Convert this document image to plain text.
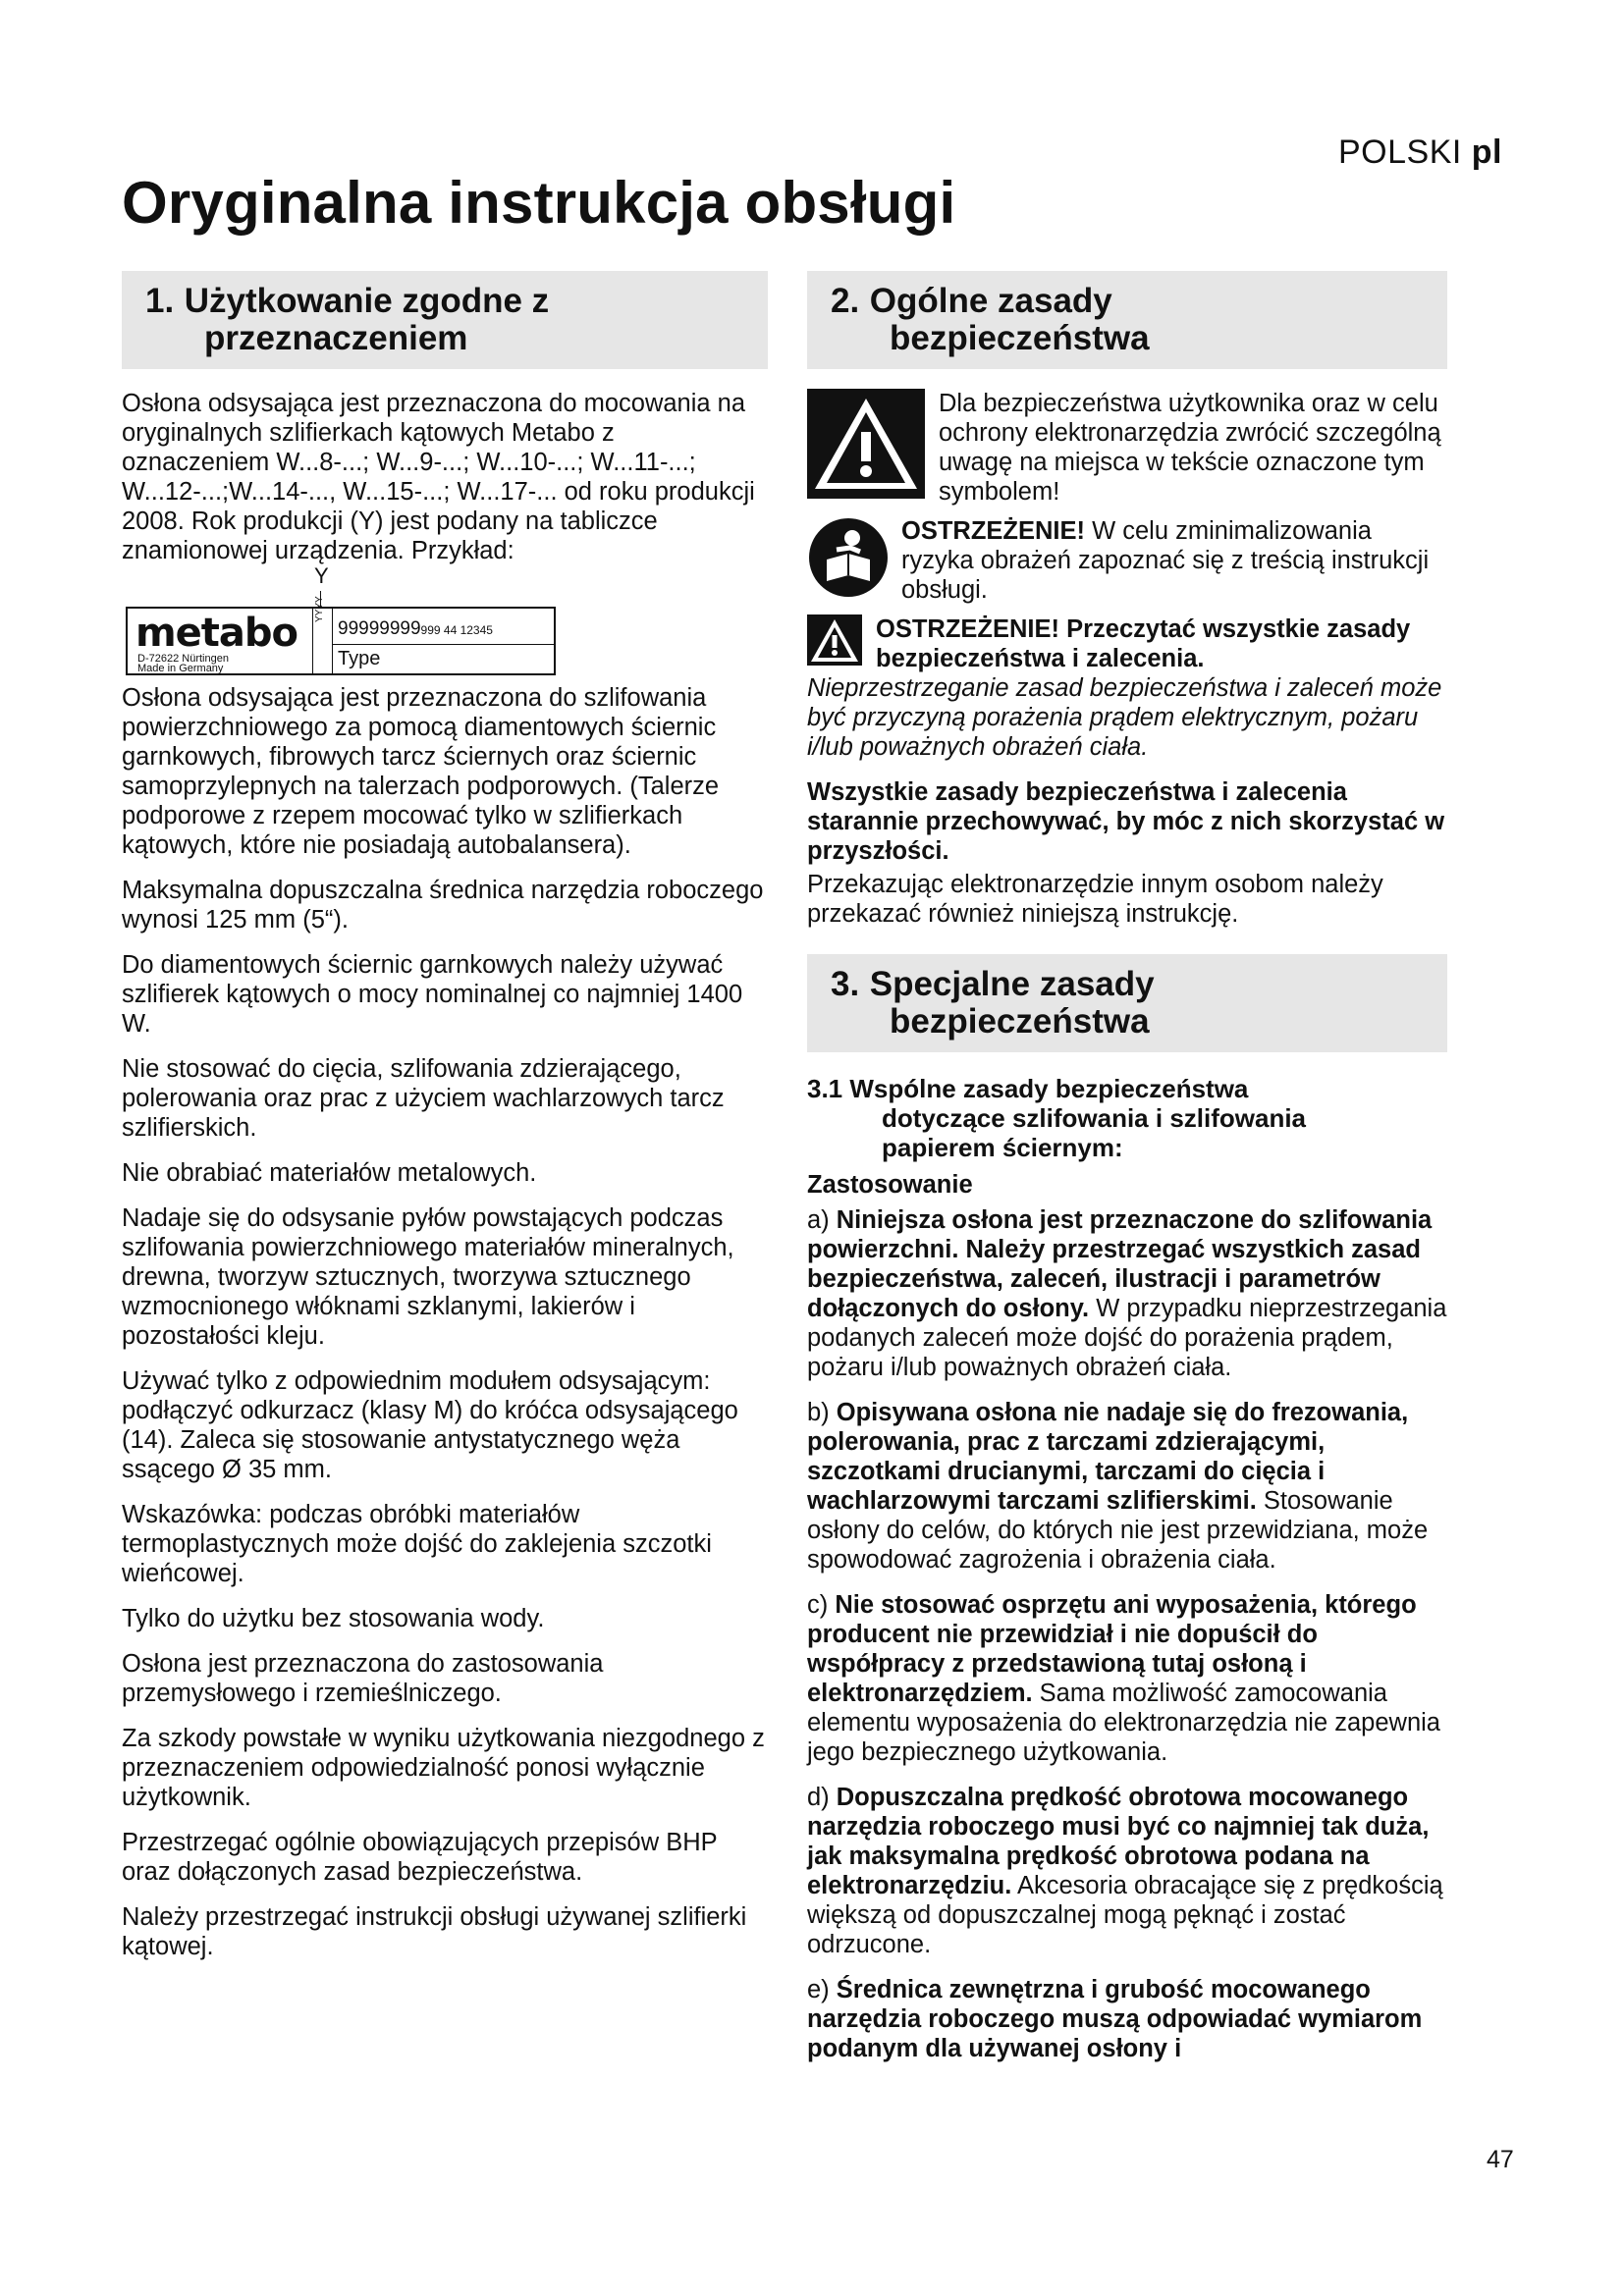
POLSKI pl
Oryginalna instrukcja obsługi
1. Użytkowanie zgodne z
przeznaczeniem

Osłona odsysająca jest przeznaczona do mocowania na oryginalnych szlifierkach kątowych Metabo z oznaczeniem W...8-...; W...9-...; W...10-...; W...11-...; W...12-...;W...14-..., W...15-...; W...17-... od roku produkcji 2008. Rok produkcji (Y) jest podany na tabliczce znamionowej urządzenia. Przykład:

Y
metabo
D-72622 Nürtingen
Made in Germany
YYYY
99999999999 44 12345
Type

Osłona odsysająca jest przeznaczona do szlifowania powierzchniowego za pomocą diamentowych ściernic garnkowych, fibrowych tarcz ściernych oraz ściernic samoprzylepnych na talerzach podporowych. (Talerze podporowe z rzepem mocować tylko w szlifierkach kątowych, które nie posiadają autobalansera).

Maksymalna dopuszczalna średnica narzędzia roboczego wynosi 125 mm (5“).

Do diamentowych ściernic garnkowych należy używać szlifierek kątowych o mocy nominalnej co najmniej 1400 W.

Nie stosować do cięcia, szlifowania zdzierającego, polerowania oraz prac z użyciem wachlarzowych tarcz szlifierskich.

Nie obrabiać materiałów metalowych.

Nadaje się do odsysanie pyłów powstających podczas szlifowania powierzchniowego materiałów mineralnych, drewna, tworzyw sztucznych, tworzywa sztucznego wzmocnionego włóknami szklanymi, lakierów i pozostałości kleju.

Używać tylko z odpowiednim modułem odsysającym: podłączyć odkurzacz (klasy M) do króćca odsysającego (14). Zaleca się stosowanie antystatycznego węża ssącego Ø 35 mm.

Wskazówka: podczas obróbki materiałów termoplastycznych może dojść do zaklejenia szczotki wieńcowej.

Tylko do użytku bez stosowania wody.

Osłona jest przeznaczona do zastosowania przemysłowego i rzemieślniczego.

Za szkody powstałe w wyniku użytkowania niezgodnego z przeznaczeniem odpowiedzialność ponosi wyłącznie użytkownik.

Przestrzegać ogólnie obowiązujących przepisów BHP oraz dołączonych zasad bezpieczeństwa.

Należy przestrzegać instrukcji obsługi używanej szlifierki kątowej.

2. Ogólne zasady
bezpieczeństwa
Dla bezpieczeństwa użytkownika oraz w celu ochrony elektronarzędzia zwrócić szczególną uwagę na miejsca w tekście oznaczone tym symbolem!
OSTRZEŻENIE! W celu zminimalizowania ryzyka obrażeń zapoznać się z treścią instrukcji obsługi.
OSTRZEŻENIE! Przeczytać wszystkie zasady bezpieczeństwa i zalecenia.

Nieprzestrzeganie zasad bezpieczeństwa i zaleceń może być przyczyną porażenia prądem elektrycznym, pożaru i/lub poważnych obrażeń ciała.

Wszystkie zasady bezpieczeństwa i zalecenia starannie przechowywać, by móc z nich skorzystać w przyszłości.

Przekazując elektronarzędzie innym osobom należy przekazać również niniejszą instrukcję.

3. Specjalne zasady
bezpieczeństwa
3.1 Wspólne zasady bezpieczeństwa
dotyczące szlifowania i szlifowania
papierem ściernym:

Zastosowanie

a) Niniejsza osłona jest przeznaczone do szlifowania powierzchni. Należy przestrzegać wszystkich zasad bezpieczeństwa, zaleceń, ilustracji i parametrów dołączonych do osłony. W przypadku nieprzestrzegania podanych zaleceń może dojść do porażenia prądem, pożaru i/lub poważnych obrażeń ciała.

b) Opisywana osłona nie nadaje się do frezowania, polerowania, prac z tarczami zdzierającymi, szczotkami drucianymi, tarczami do cięcia i wachlarzowymi tarczami szlifierskimi. Stosowanie osłony do celów, do których nie jest przewidziana, może spowodować zagrożenia i obrażenia ciała.

c) Nie stosować osprzętu ani wyposażenia, którego producent nie przewidział i nie dopuścił do współpracy z przedstawioną tutaj osłoną i elektronarzędziem. Sama możliwość zamocowania elementu wyposażenia do elektronarzędzia nie zapewnia jego bezpiecznego użytkowania.

d) Dopuszczalna prędkość obrotowa mocowanego narzędzia roboczego musi być co najmniej tak duża, jak maksymalna prędkość obrotowa podana na elektronarzędziu. Akcesoria obracające się z prędkością większą od dopuszczalnej mogą pęknąć i zostać odrzucone.

e) Średnica zewnętrzna i grubość mocowanego narzędzia roboczego muszą odpowiadać wymiarom podanym dla używanej osłony i

47
